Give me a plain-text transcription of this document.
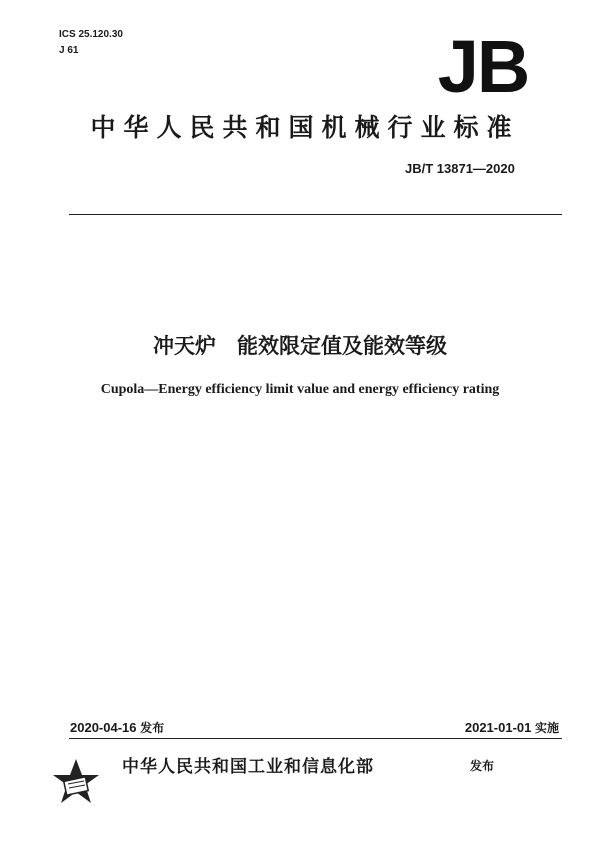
ICS 25.120.30
J 61	JB
中华人民共和国机械行业标准
JB/T 13871—2020
冲天炉　能效限定值及能效等级
Cupola—Energy efficiency limit value and energy efficiency rating
2020-04-16 发布	2021-01-01 实施
中华人民共和国工业和信息化部	发布
